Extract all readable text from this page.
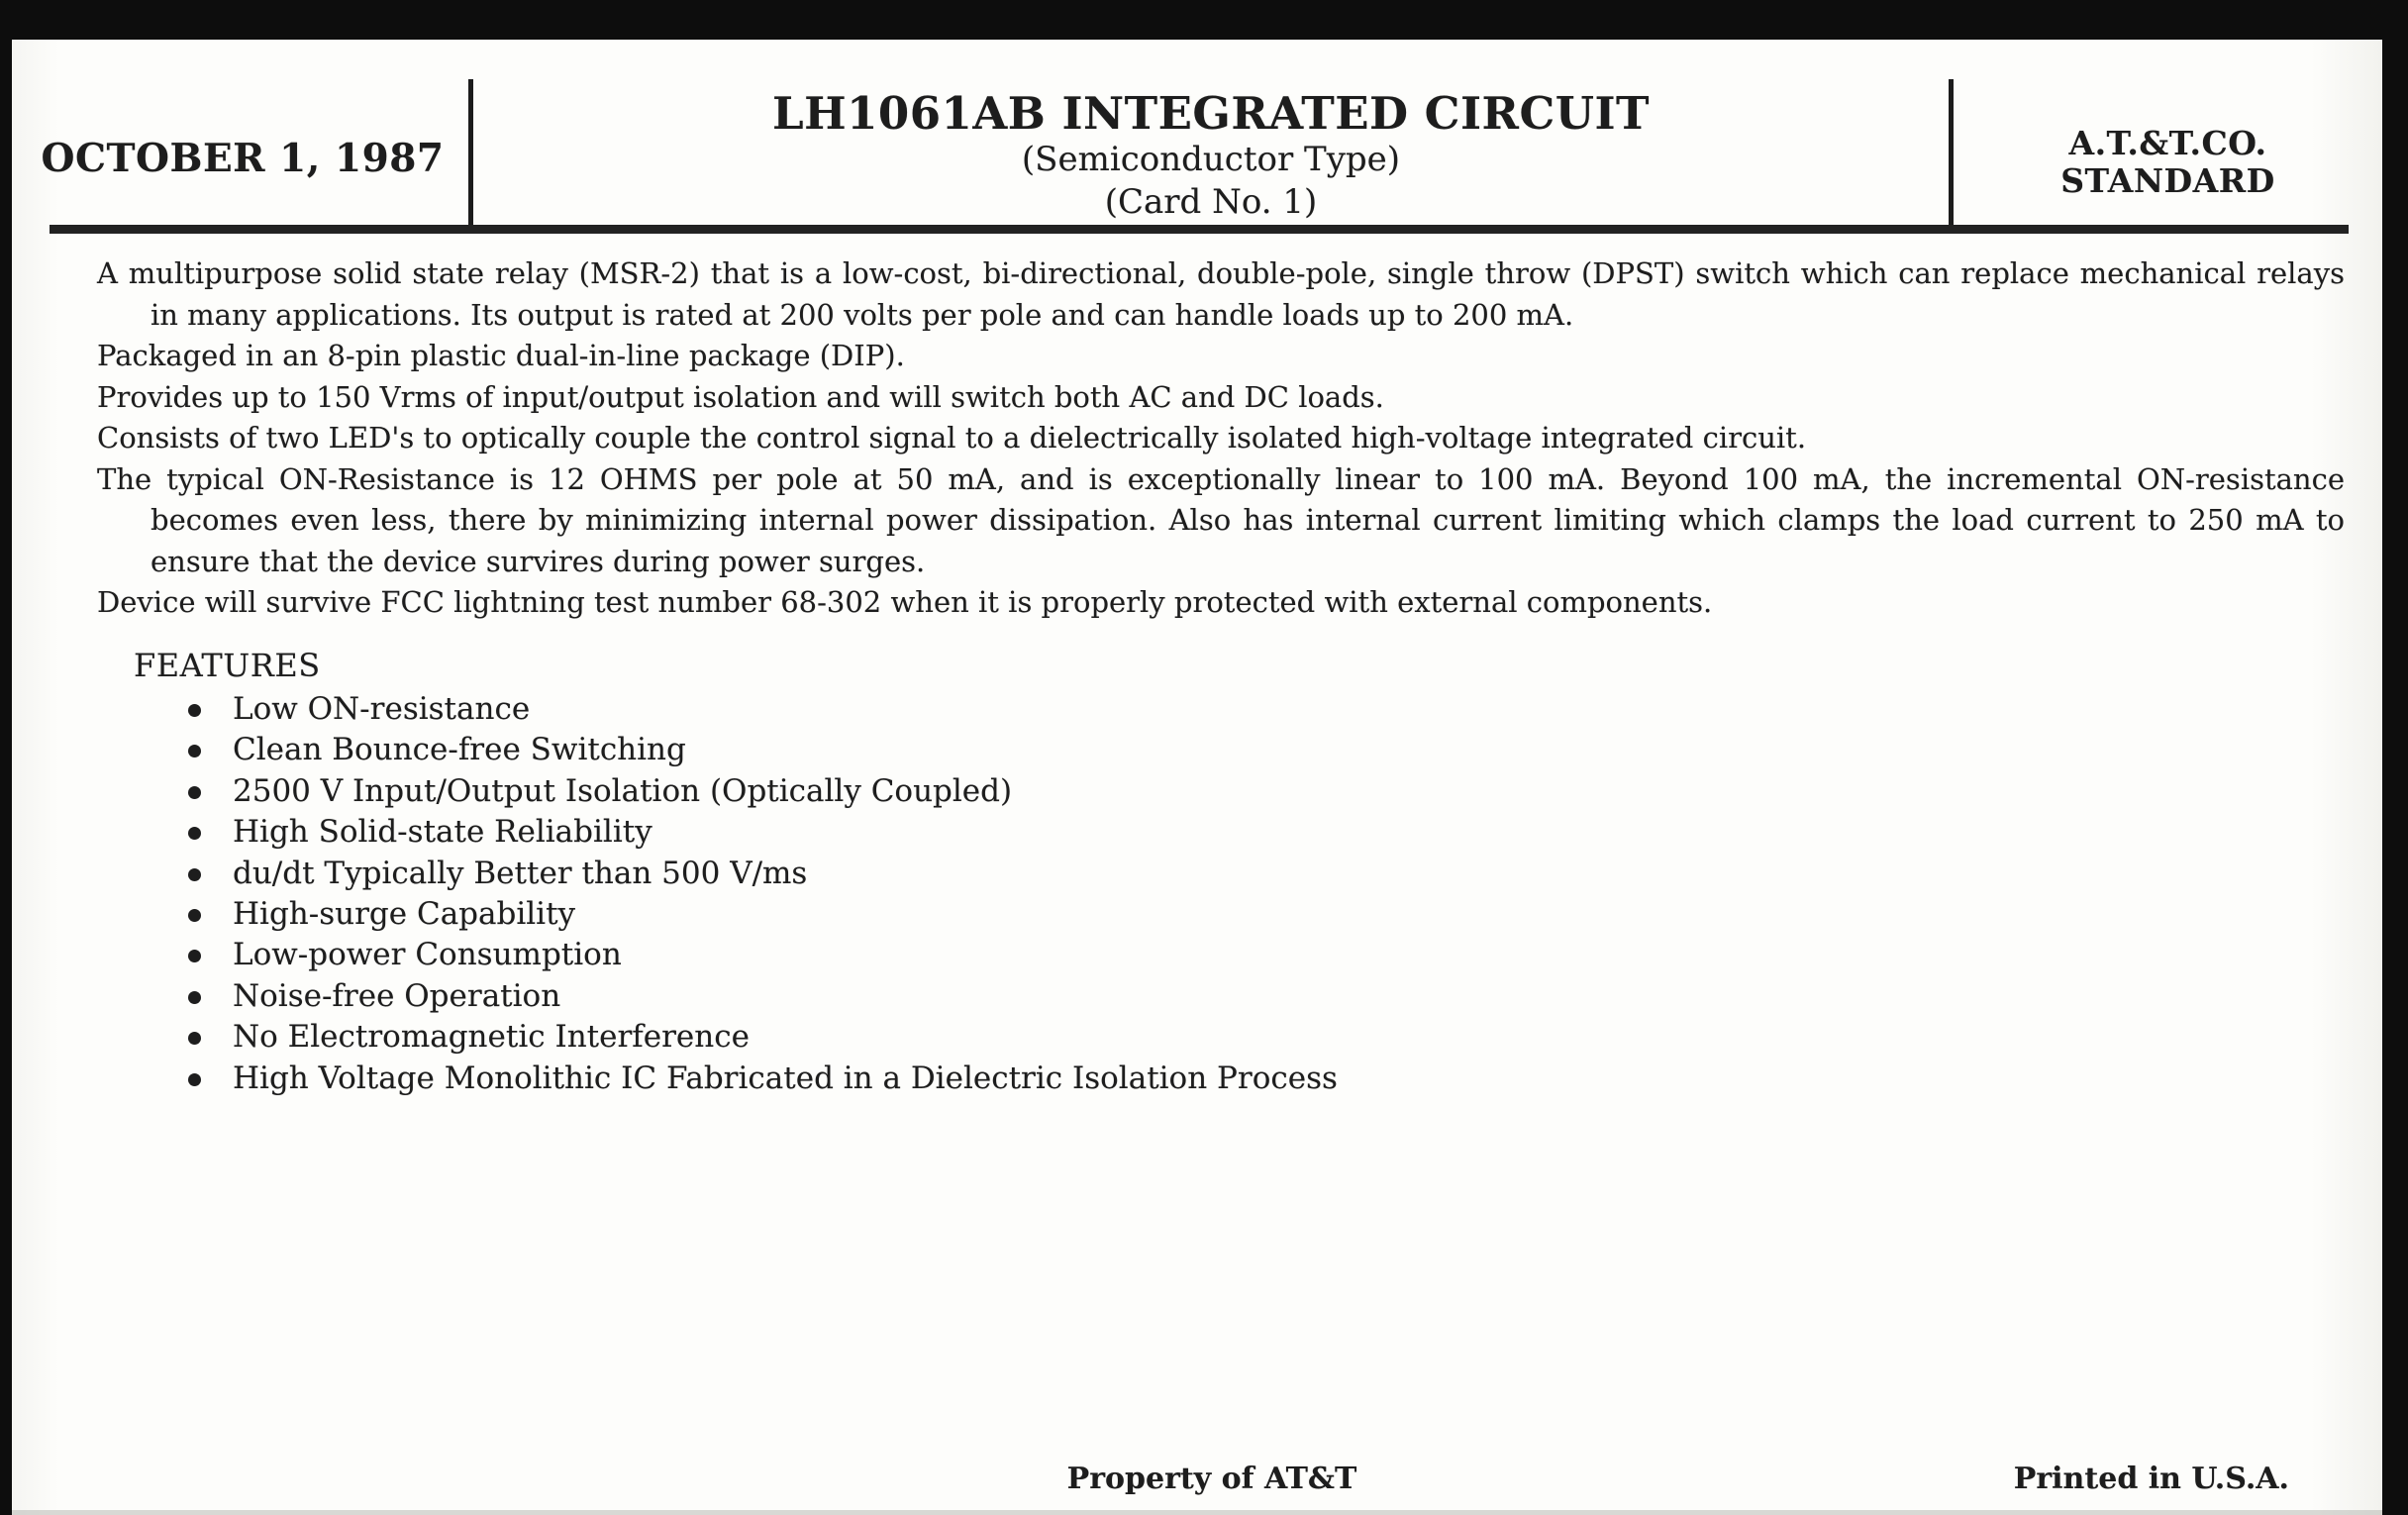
OCTOBER 1, 1987
LH1061AB INTEGRATED CIRCUIT
(Semiconductor Type)
(Card No. 1)
A.T.&T.CO.
STANDARD

A multipurpose solid state relay (MSR-2) that is a low-cost, bi-directional, double-pole, single throw (DPST) switch which can replace mechanical relays in many applications. Its output is rated at 200 volts per pole and can handle loads up to 200 mA.

Packaged in an 8-pin plastic dual-in-line package (DIP).

Provides up to 150 Vrms of input/output isolation and will switch both AC and DC loads.

Consists of two LED's to optically couple the control signal to a dielectrically isolated high-voltage integrated circuit.

The typical ON-Resistance is 12 OHMS per pole at 50 mA, and is exceptionally linear to 100 mA. Beyond 100 mA, the incremental ON-resistance becomes even less, there by minimizing internal power dissipation. Also has internal current limiting which clamps the load current to 250 mA to ensure that the device survires during power surges.

Device will survive FCC lightning test number 68-302 when it is properly protected with external components.

FEATURES
Low ON-resistance
Clean Bounce-free Switching
2500 V Input/Output Isolation (Optically Coupled)
High Solid-state Reliability
du/dt Typically Better than 500 V/ms
High-surge Capability
Low-power Consumption
Noise-free Operation
No Electromagnetic Interference
High Voltage Monolithic IC Fabricated in a Dielectric Isolation Process
Property of AT&T	Printed in U.S.A.
